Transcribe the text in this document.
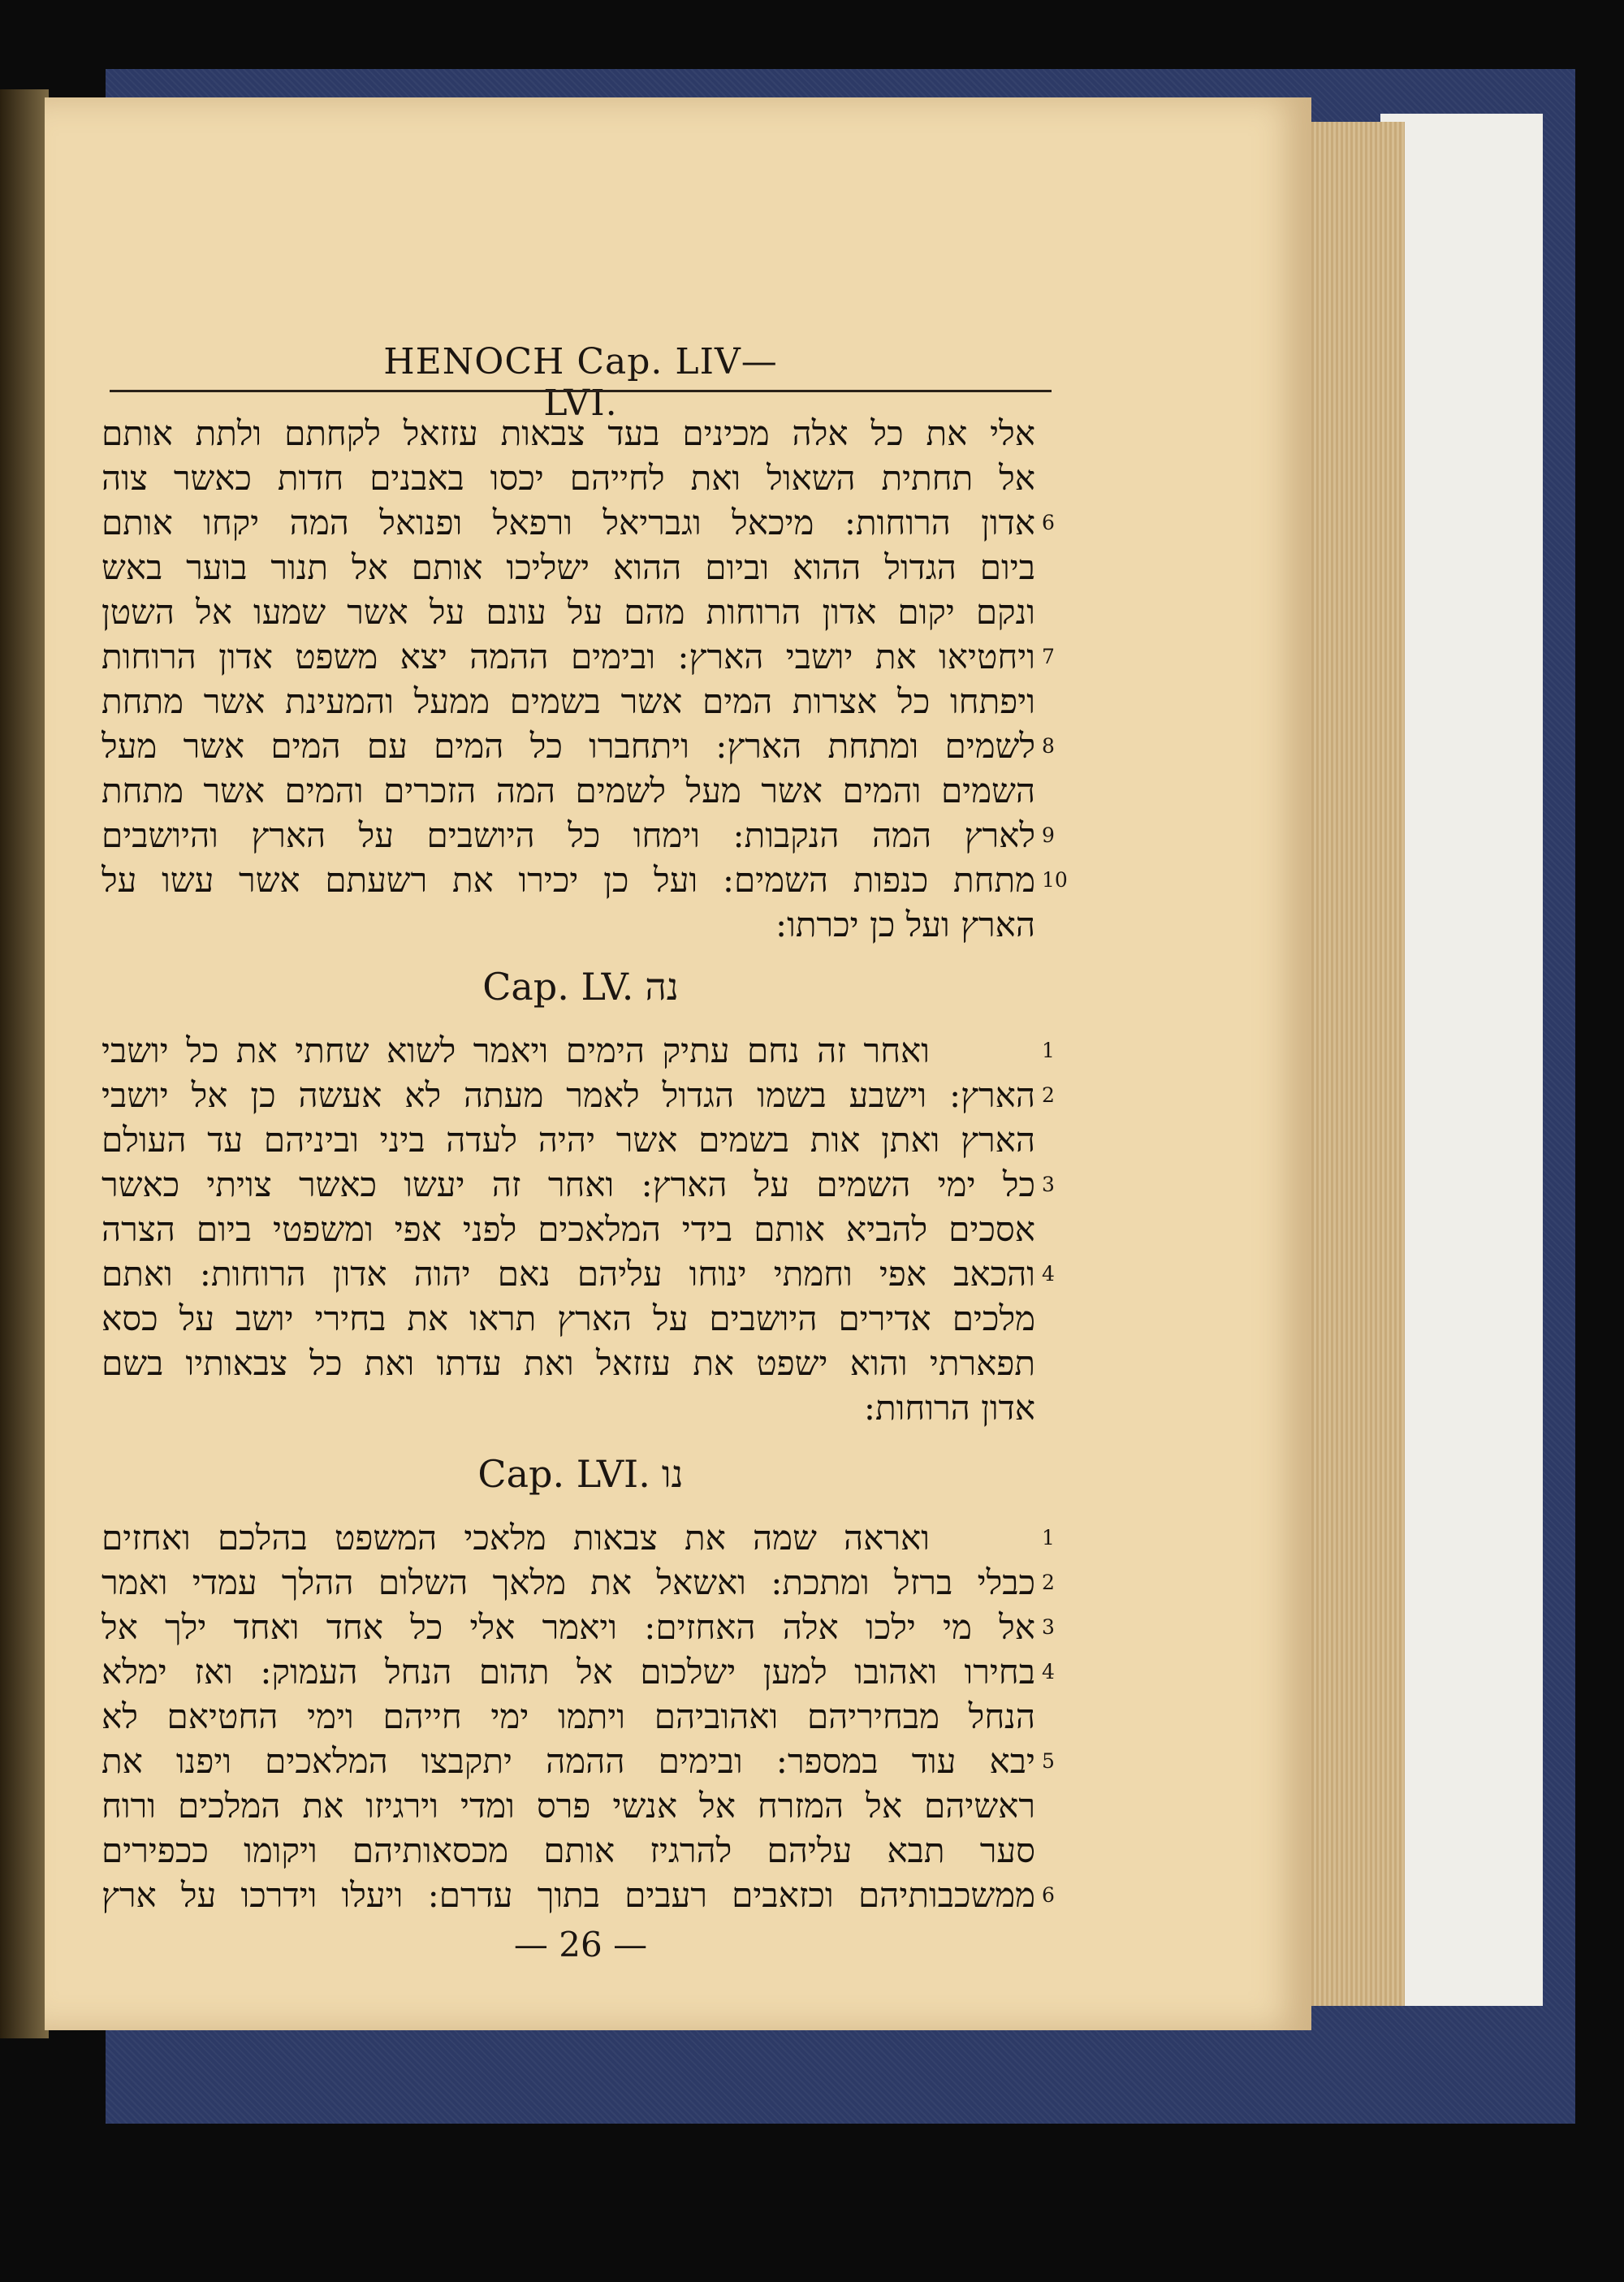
HENOCH Cap. LIV—LVI.
אלי את כל אלה מכינים בעד צבאות עזזאל לקחתם ולתת אותם
אל תחתית השאול ואת לחייהם יכסו באבנים חדות כאשר צוה
אדון הרוחות: מיכאל וגבריאל ורפאל ופנואל המה יקחו אותם 6
ביום הגדול ההוא וביום ההוא ישליכו אותם אל תנור בוער באש
ונקם יקום אדון הרוחות מהם על עונם על אשר שמעו אל השטן
ויחטיאו את יושבי הארץ: ובימים ההמה יצא משפט אדון הרוחות 7
ויפתחו כל אצרות המים אשר בשמים ממעל והמעינת אשר מתחת
לשמים ומתחת הארץ: ויתחברו כל המים עם המים אשר מעל 8
השמים והמים אשר מעל לשמים המה הזכרים והמים אשר מתחת
לארץ המה הנקבות: וימחו כל היושבים על הארץ והיושבים 9
מתחת כנפות השמים: ועל כן יכירו את רשעתם אשר עשו על 10
הארץ ועל כן יכרתו:
Cap. LV. נה
ואחר זה נחם עתיק הימים ויאמר לשוא שחתי את כל יושבי	1
הארץ: וישבע בשמו הגדול לאמר מעתה לא אעשה כן אל יושבי 2
הארץ ואתן אות בשמים אשר יהיה לעדה ביני וביניהם עד העולם
כל ימי השמים על הארץ: ואחר זה יעשו כאשר צויתי כאשר 3
אסכים להביא אותם בידי המלאכים לפני אפי ומשפטי ביום הצרה
והכאב אפי וחמתי ינוחו עליהם נאם יהוה אדון הרוחות: ואתם 4
מלכים אדירים היושבים על הארץ תראו את בחירי יושב על כסא
תפארתי והוא ישפט את עזזאל ואת עדתו ואת כל צבאותיו בשם
אדון הרוחות:
Cap. LVI. נו
ואראה שמה את צבאות מלאכי המשפט בהלכם ואחזים	1
כבלי ברזל ומתכת: ואשאל את מלאך השלום ההלך עמדי ואמר 2
אל מי ילכו אלה האחזים: ויאמר אלי כל אחד ואחד ילך אל 3
בחירו ואהובו למען ישלכום אל תהום הנחל העמוק: ואז ימלא 4
הנחל מבחיריהם ואהוביהם ויתמו ימי חייהם וימי החטיאם לא
יבא עוד במספר: ובימים ההמה יתקבצו המלאכים ויפנו את 5
ראשיהם אל המזרח אל אנשי פרס ומדי וירגיזו את המלכים ורוח
סער תבא עליהם להרגיז אותם מכסאותיהם ויקומו ככפירים
ממשכבותיהם וכזאבים רעבים בתוך עדרם: ויעלו וידרכו על ארץ 6
— 26 —
